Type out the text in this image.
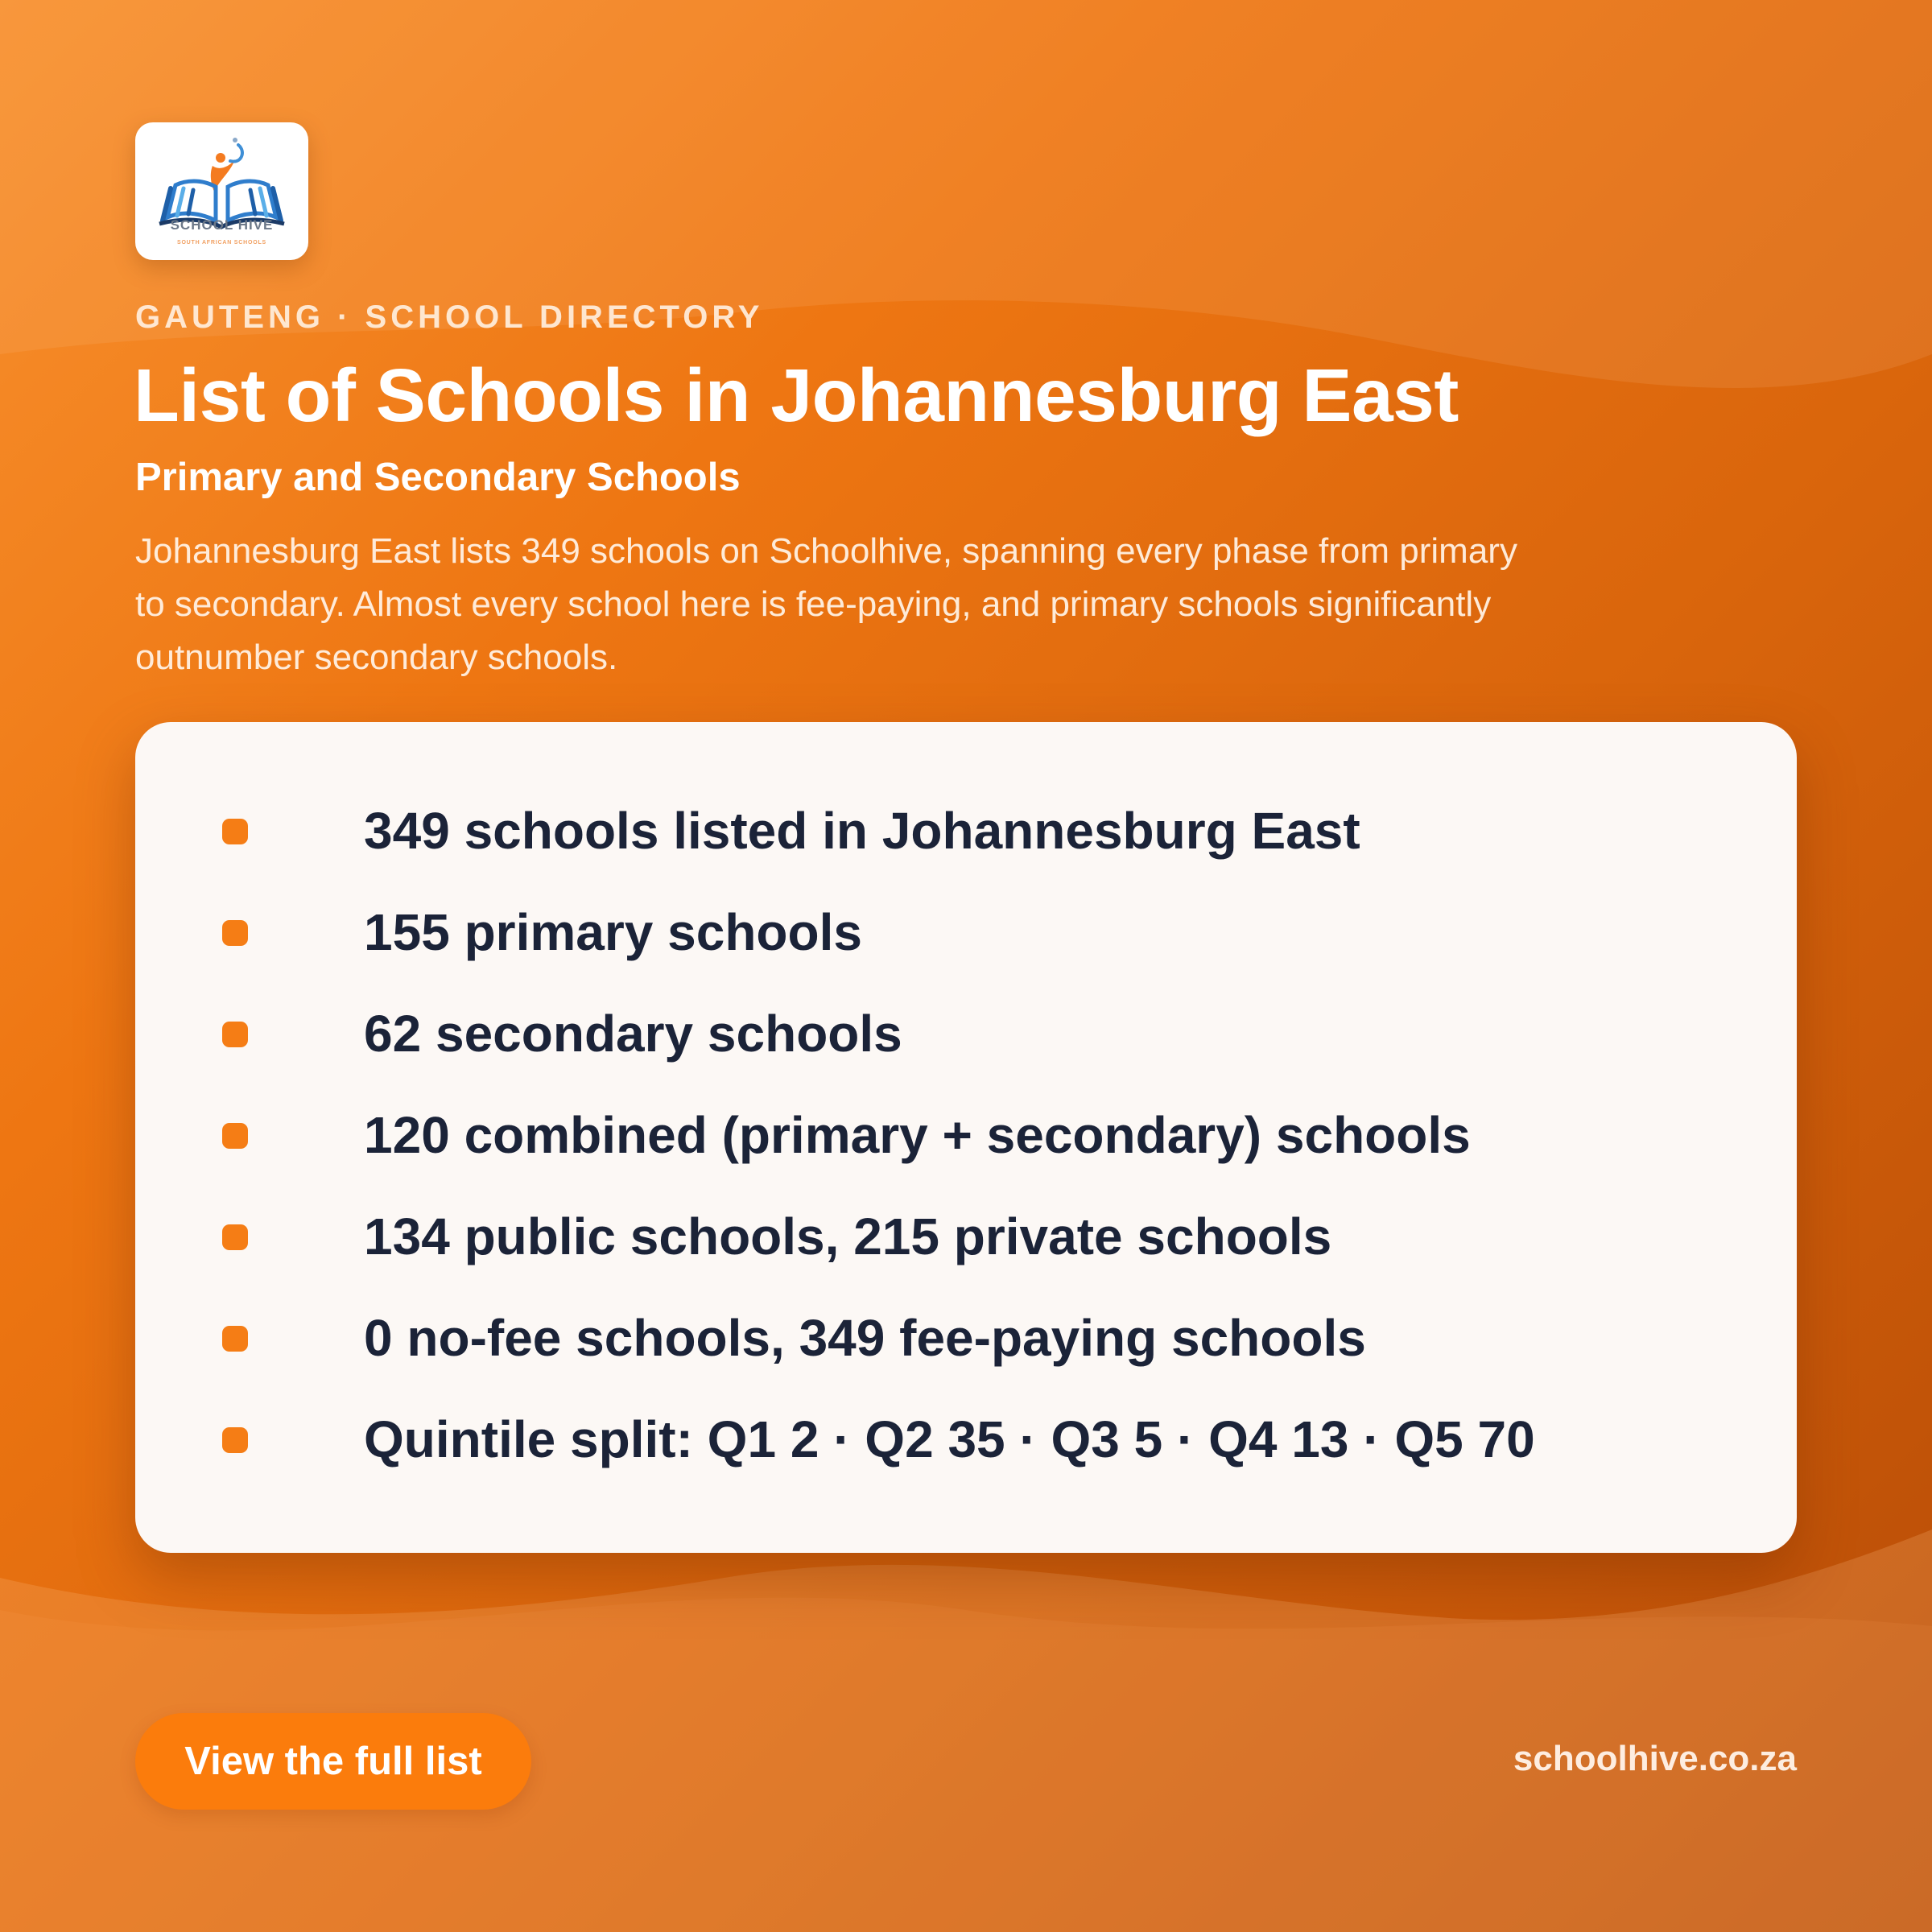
SCHOOL HIVE
SOUTH AFRICAN SCHOOLS
GAUTENG · SCHOOL DIRECTORY
List of Schools in Johannesburg East
Primary and Secondary Schools
Johannesburg East lists 349 schools on Schoolhive, spanning every phase from primary to secondary. Almost every school here is fee-paying, and primary schools significantly outnumber secondary schools.
349 schools listed in Johannesburg East
155 primary schools
62 secondary schools
120 combined (primary + secondary) schools
134 public schools, 215 private schools
0 no-fee schools, 349 fee-paying schools
Quintile split: Q1 2 · Q2 35 · Q3 5 · Q4 13 · Q5 70
View the full list	schoolhive.co.za
